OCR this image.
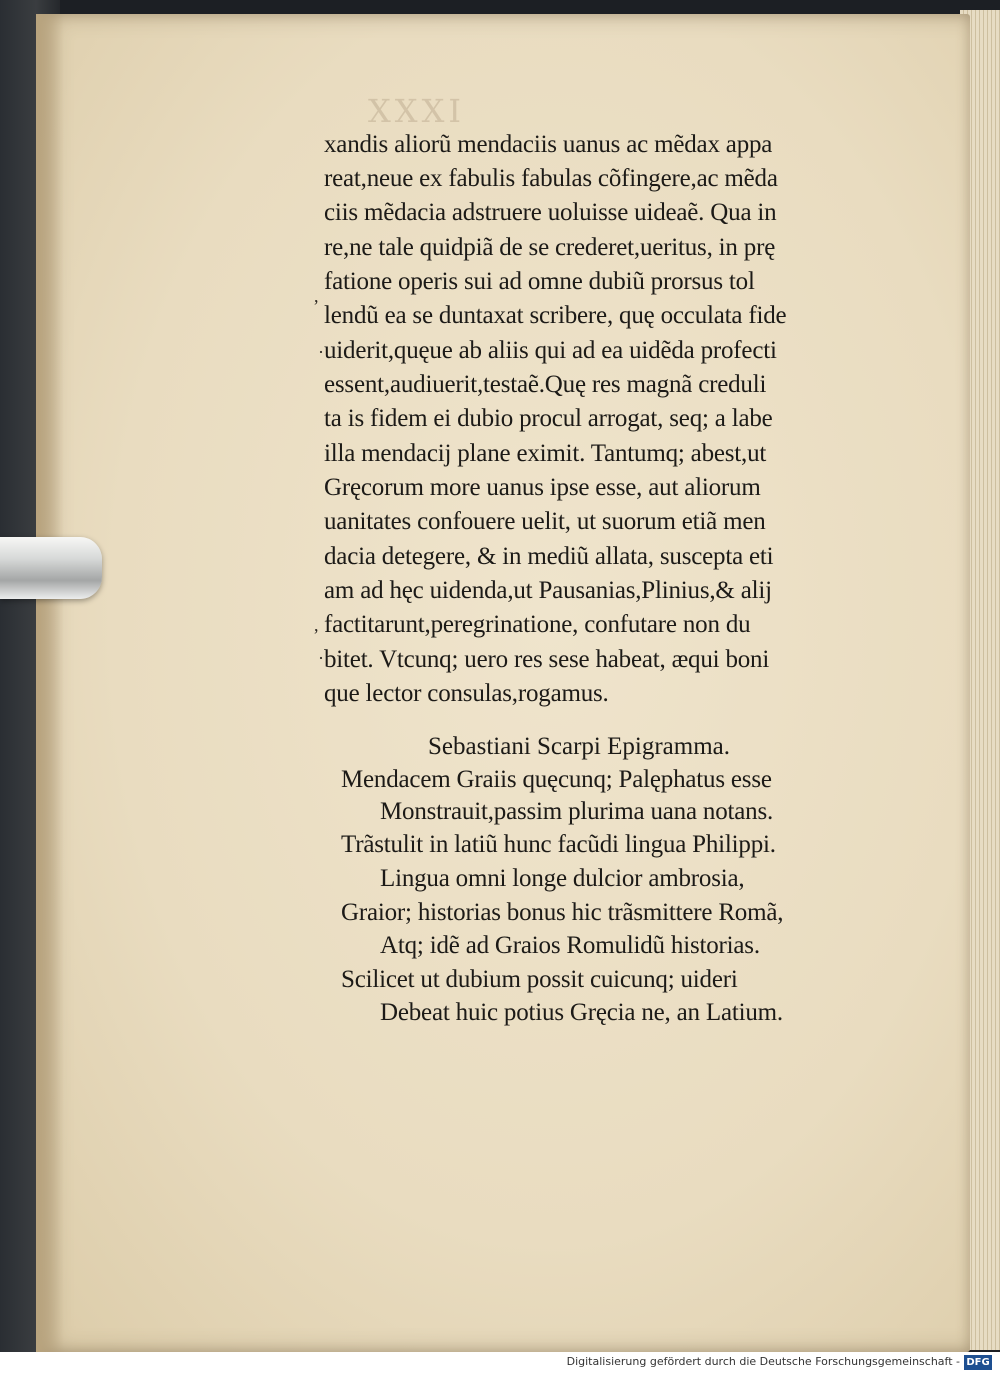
XXXI
xandis aliorũ mendaciis uanus ac mẽdax appa
reat,neue ex fabulis fabulas cõfingere,ac mẽda
ciis mẽdacia adstruere uoluisse uideaẽ. Qua in
re,ne tale quidpiã de se crederet,ueritus, in prę
fatione operis sui ad omne dubiũ prorsus tol
lendũ ea se duntaxat scribere, quę occulata fide
uiderit,quęue ab aliis qui ad ea uidẽda profecti
essent,audiuerit,testaẽ.Quę res magnã creduli
ta is fidem ei dubio procul arrogat, seq; a labe
illa mendacij plane eximit. Tantumq; abest,ut
Gręcorum more uanus ipse esse, aut aliorum
uanitates confouere uelit, ut suorum etiã men
dacia detegere, & in mediũ allata, suscepta eti
am ad hęc uidenda,ut Pausanias,Plinius,& alij
factitarunt,peregrinatione, confutare non du
bitet. Vtcunq; uero res sese habeat, æqui boni
que lector consulas,rogamus.
Sebastiani Scarpi Epigramma.
Mendacem Graiis quęcunq; Palęphatus esse
Monstrauit,passim plurima uana notans.
Trãstulit in latiũ hunc facũdi lingua Philippi.
Lingua omni longe dulcior ambrosia,
Graior; historias bonus hic trãsmittere Romã,
Atq; idẽ ad Graios Romulidũ historias.
Scilicet ut dubium possit cuicunq; uideri
Debeat huic potius Gręcia ne, an Latium.
,
·
,
·
Digitalisierung gefördert durch die Deutsche Forschungsgemeinschaft - DFG
